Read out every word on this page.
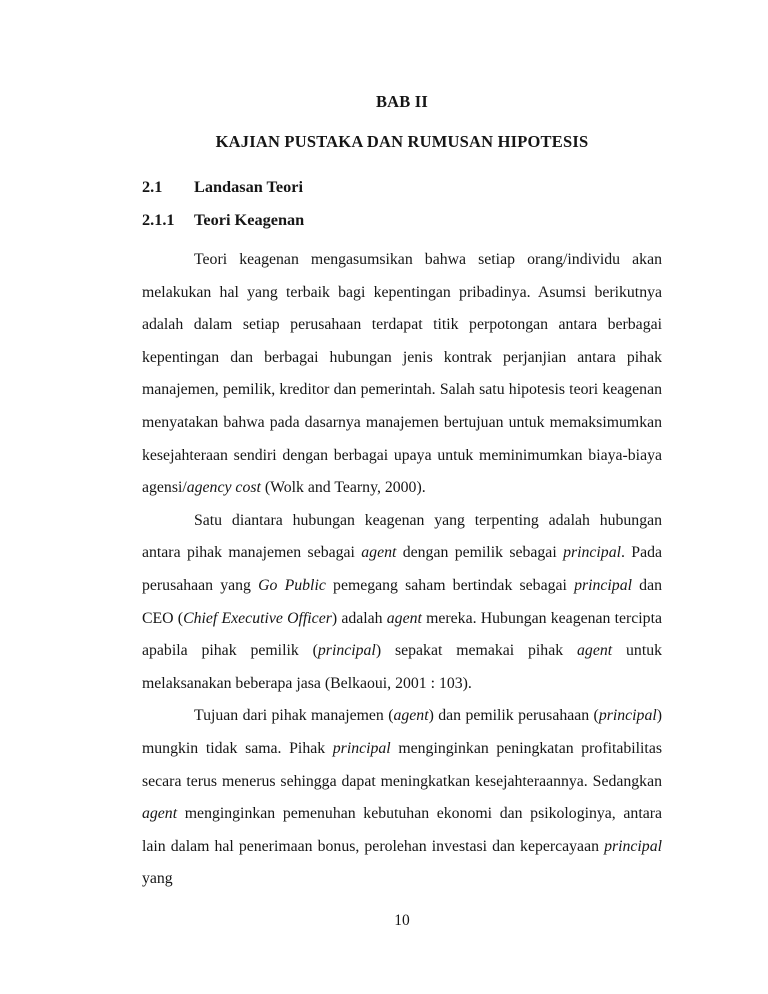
BAB II
KAJIAN PUSTAKA DAN RUMUSAN HIPOTESIS
2.1	Landasan Teori
2.1.1	Teori Keagenan

Teori keagenan mengasumsikan bahwa setiap orang/individu akan melakukan hal yang terbaik bagi kepentingan pribadinya. Asumsi berikutnya adalah dalam setiap perusahaan terdapat titik perpotongan antara berbagai kepentingan dan berbagai hubungan jenis kontrak perjanjian antara pihak manajemen, pemilik, kreditor dan pemerintah. Salah satu hipotesis teori keagenan menyatakan bahwa pada dasarnya manajemen bertujuan untuk memaksimumkan kesejahteraan sendiri dengan berbagai upaya untuk meminimumkan biaya-biaya agensi/agency cost (Wolk and Tearny, 2000).

Satu diantara hubungan keagenan yang terpenting adalah hubungan antara pihak manajemen sebagai agent dengan pemilik sebagai principal. Pada perusahaan yang Go Public pemegang saham bertindak sebagai principal dan CEO (Chief Executive Officer) adalah agent mereka. Hubungan keagenan tercipta apabila pihak pemilik (principal) sepakat memakai pihak agent untuk melaksanakan beberapa jasa (Belkaoui, 2001 : 103).

Tujuan dari pihak manajemen (agent) dan pemilik perusahaan (principal) mungkin tidak sama. Pihak principal menginginkan peningkatan profitabilitas secara terus menerus sehingga dapat meningkatkan kesejahteraannya. Sedangkan agent menginginkan pemenuhan kebutuhan ekonomi dan psikologinya, antara lain dalam hal penerimaan bonus, perolehan investasi dan kepercayaan principal yang

10
